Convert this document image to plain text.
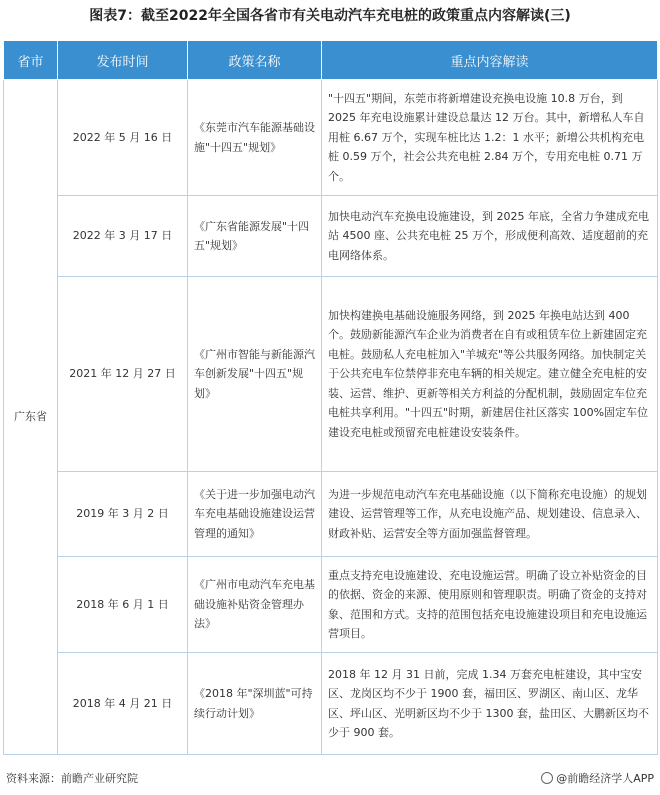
图表7：截至2022年全国各省市有关电动汽车充电桩的政策重点内容解读(三)
省市	发布时间	政策名称	重点内容解读
广东省	2022 年 5 月 16 日	《东莞市汽车能源基础设施"十四五"规划》	"十四五"期间，东莞市将新增建设充换电设施 10.8 万台，到 2025 年充电设施累计建设总量达 12 万台。其中，新增私人车自用桩 6.67 万个，实现车桩比达 1.2：1 水平；新增公共机构充电桩 0.59 万个，社会公共充电桩 2.84 万个，专用充电桩 0.71 万个。
	2022 年 3 月 17 日	《广东省能源发展"十四五"规划》	加快电动汽车充换电设施建设，到 2025 年底，全省力争建成充电站 4500 座、公共充电桩 25 万个，形成便利高效、适度超前的充电网络体系。
	2021 年 12 月 27 日	《广州市智能与新能源汽车创新发展"十四五"规划》	加快构建换电基础设施服务网络，到 2025 年换电站达到 400 个。鼓励新能源汽车企业为消费者在自有或租赁车位上新建固定充电桩。鼓励私人充电桩加入"羊城充"等公共服务网络。加快制定关于公共充电车位禁停非充电车辆的相关规定。建立健全充电桩的安装、运营、维护、更新等相关方利益的分配机制，鼓励固定车位充电桩共享利用。"十四五"时期，新建居住社区落实 100%固定车位建设充电桩或预留充电桩建设安装条件。
	2019 年 3 月 2 日	《关于进一步加强电动汽车充电基础设施建设运营管理的通知》	为进一步规范电动汽车充电基础设施（以下简称充电设施）的规划建设、运营管理等工作，从充电设施产品、规划建设、信息录入、财政补贴、运营安全等方面加强监督管理。
	2018 年 6 月 1 日	《广州市电动汽车充电基础设施补贴资金管理办法》	重点支持充电设施建设、充电设施运营。明确了设立补贴资金的目的依据、资金的来源、使用原则和管理职责。明确了资金的支持对象、范围和方式。支持的范围包括充电设施建设项目和充电设施运营项目。
	2018 年 4 月 21 日	《2018 年"深圳蓝"可持续行动计划》	2018 年 12 月 31 日前，完成 1.34 万套充电桩建设，其中宝安区、龙岗区均不少于 1900 套，福田区、罗湖区、南山区、龙华区、坪山区、光明新区均不少于 1300 套，盐田区、大鹏新区均不少于 900 套。
资料来源：前瞻产业研究院	@前瞻经济学人APP
